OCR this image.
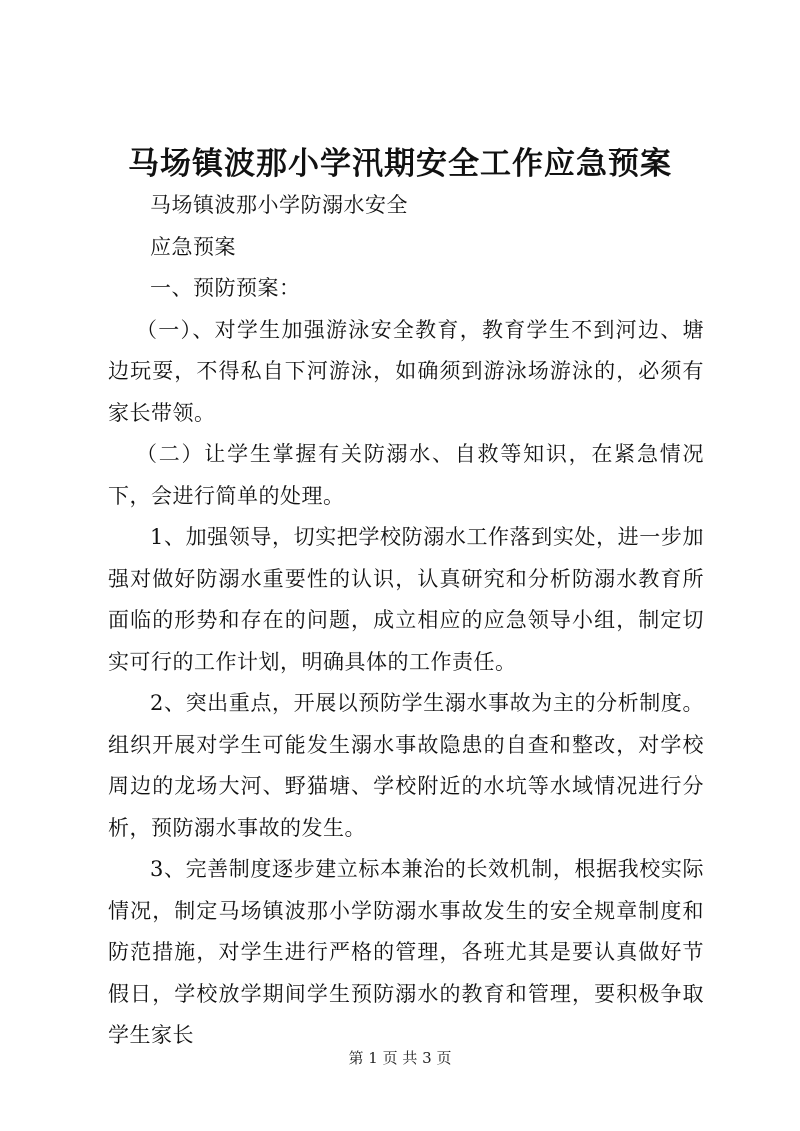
马场镇波那小学汛期安全工作应急预案

马场镇波那小学防溺水安全

应急预案

一、预防预案：

（一）、对学生加强游泳安全教育，教育学生不到河边、塘边玩耍，不得私自下河游泳，如确须到游泳场游泳的，必须有家长带领。

（二）让学生掌握有关防溺水、自救等知识，在紧急情况下，会进行简单的处理。

1、加强领导，切实把学校防溺水工作落到实处，进一步加强对做好防溺水重要性的认识，认真研究和分析防溺水教育所面临的形势和存在的问题，成立相应的应急领导小组，制定切实可行的工作计划，明确具体的工作责任。

2、突出重点，开展以预防学生溺水事故为主的分析制度。组织开展对学生可能发生溺水事故隐患的自查和整改，对学校周边的龙场大河、野猫塘、学校附近的水坑等水域情况进行分析，预防溺水事故的发生。

3、完善制度逐步建立标本兼治的长效机制，根据我校实际情况，制定马场镇波那小学防溺水事故发生的安全规章制度和防范措施，对学生进行严格的管理，各班尤其是要认真做好节假日，学校放学期间学生预防溺水的教育和管理，要积极争取学生家长

第 1 页 共 3 页
